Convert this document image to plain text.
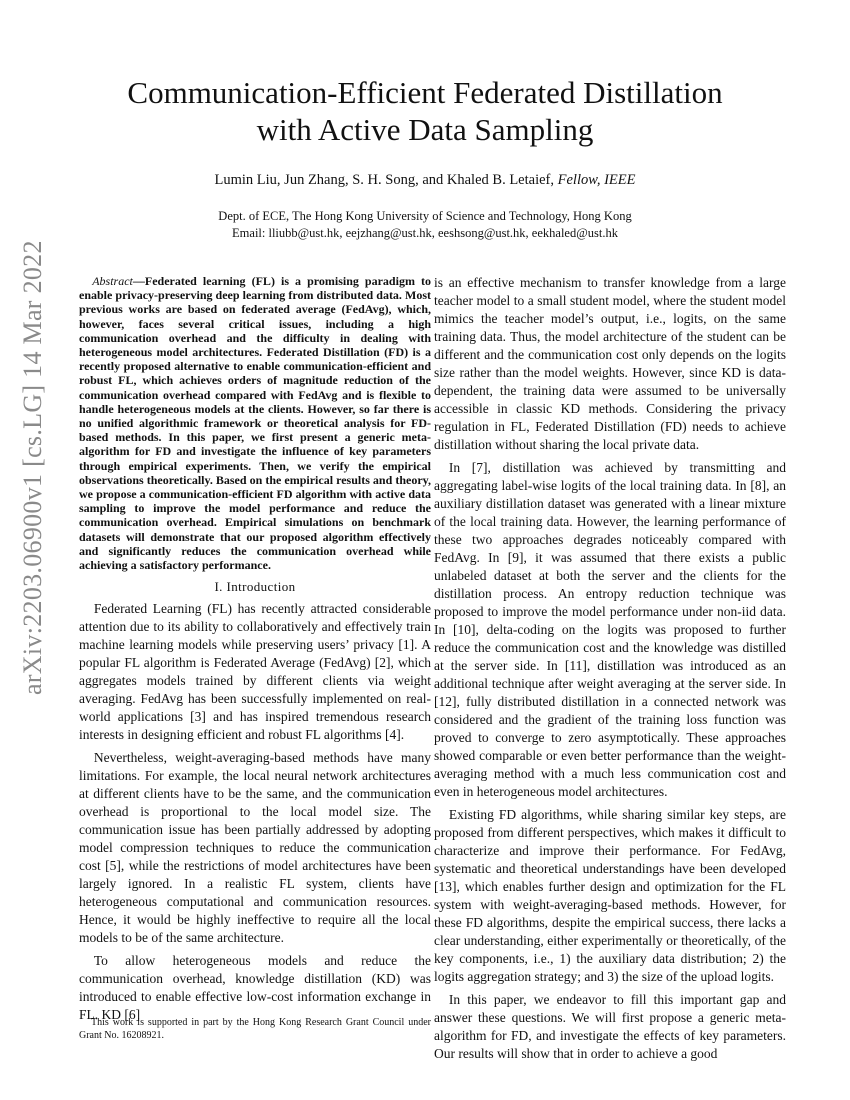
arXiv:2203.06900v1 [cs.LG] 14 Mar 2022
Communication-Efficient Federated Distillation
with Active Data Sampling
Lumin Liu, Jun Zhang, S. H. Song, and Khaled B. Letaief, Fellow, IEEE
Dept. of ECE, The Hong Kong University of Science and Technology, Hong Kong
Email: lliubb@ust.hk, eejzhang@ust.hk, eeshsong@ust.hk, eekhaled@ust.hk

Abstract—Federated learning (FL) is a promising paradigm to enable privacy-preserving deep learning from distributed data. Most previous works are based on federated average (FedAvg), which, however, faces several critical issues, including a high communication overhead and the difficulty in dealing with heterogeneous model architectures. Federated Distillation (FD) is a recently proposed alternative to enable communication-efficient and robust FL, which achieves orders of magnitude reduction of the communication overhead compared with FedAvg and is flexible to handle heterogeneous models at the clients. However, so far there is no unified algorithmic framework or theoretical analysis for FD-based methods. In this paper, we first present a generic meta-algorithm for FD and investigate the influence of key parameters through empirical experiments. Then, we verify the empirical observations theoretically. Based on the empirical results and theory, we propose a communication-efficient FD algorithm with active data sampling to improve the model performance and reduce the communication overhead. Empirical simulations on benchmark datasets will demonstrate that our proposed algorithm effectively and significantly reduces the communication overhead while achieving a satisfactory performance.

I. Introduction

Federated Learning (FL) has recently attracted considerable attention due to its ability to collaboratively and effectively train machine learning models while preserving users’ privacy [1]. A popular FL algorithm is Federated Average (FedAvg) [2], which aggregates models trained by different clients via weight averaging. FedAvg has been successfully implemented on real-world applications [3] and has inspired tremendous research interests in designing efficient and robust FL algorithms [4].

Nevertheless, weight-averaging-based methods have many limitations. For example, the local neural network architectures at different clients have to be the same, and the communication overhead is proportional to the local model size. The communication issue has been partially addressed by adopting model compression techniques to reduce the communication cost [5], while the restrictions of model architectures have been largely ignored. In a realistic FL system, clients have heterogeneous computational and communication resources. Hence, it would be highly ineffective to require all the local models to be of the same architecture.

To allow heterogeneous models and reduce the communication overhead, knowledge distillation (KD) was introduced to enable effective low-cost information exchange in FL. KD [6]

This work is supported in part by the Hong Kong Research Grant Council under Grant No. 16208921.

is an effective mechanism to transfer knowledge from a large teacher model to a small student model, where the student model mimics the teacher model’s output, i.e., logits, on the same training data. Thus, the model architecture of the student can be different and the communication cost only depends on the logits size rather than the model weights. However, since KD is data-dependent, the training data were assumed to be universally accessible in classic KD methods. Considering the privacy regulation in FL, Federated Distillation (FD) needs to achieve distillation without sharing the local private data.

In [7], distillation was achieved by transmitting and aggregating label-wise logits of the local training data. In [8], an auxiliary distillation dataset was generated with a linear mixture of the local training data. However, the learning performance of these two approaches degrades noticeably compared with FedAvg. In [9], it was assumed that there exists a public unlabeled dataset at both the server and the clients for the distillation process. An entropy reduction technique was proposed to improve the model performance under non-iid data. In [10], delta-coding on the logits was proposed to further reduce the communication cost and the knowledge was distilled at the server side. In [11], distillation was introduced as an additional technique after weight averaging at the server side. In [12], fully distributed distillation in a connected network was considered and the gradient of the training loss function was proved to converge to zero asymptotically. These approaches showed comparable or even better performance than the weight-averaging method with a much less communication cost and even in heterogeneous model architectures.

Existing FD algorithms, while sharing similar key steps, are proposed from different perspectives, which makes it difficult to characterize and improve their performance. For FedAvg, systematic and theoretical understandings have been developed [13], which enables further design and optimization for the FL system with weight-averaging-based methods. However, for these FD algorithms, despite the empirical success, there lacks a clear understanding, either experimentally or theoretically, of the key components, i.e., 1) the auxiliary data distribution; 2) the logits aggregation strategy; and 3) the size of the upload logits.

In this paper, we endeavor to fill this important gap and answer these questions. We will first propose a generic meta-algorithm for FD, and investigate the effects of key parameters. Our results will show that in order to achieve a good
